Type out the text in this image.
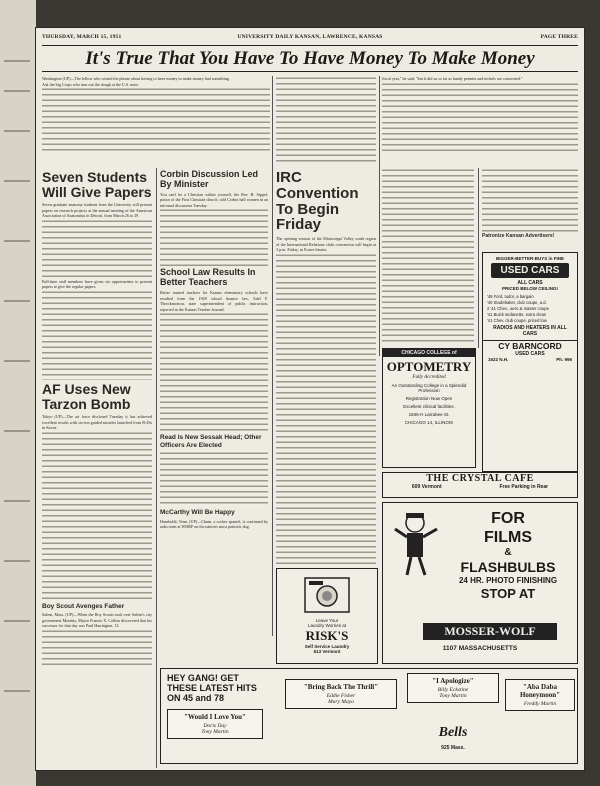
THURSDAY, MARCH 15, 1951	UNIVERSITY DAILY KANSAN, LAWRENCE, KANSAS	PAGE THREE
It's True That You Have To Have Money To Make Money
Washington (UP)—The fellow who coined the phrase about having to have money to make money had something.
Ask the big Crops who turn out the dough at the U.S. mint.
fiscal year," he said, "but it did us so far as handy pennies and nickels are concerned."
Seven Students Will Give Papers
Seven graduate anatomy students from the University will present papers on research projects at the annual meeting of the American Association of Anatomists in Detroit, from March 26 to 29.
Full-time staff members have given six opportunities to present papers to give the regular papers.
AF Uses New Tarzon Bomb
Tokyo (UP)—The air force disclosed Tuesday it has achieved excellent results with six-ton guided missiles launched from B-29s in Korea.
Boy Scout Avenges Father
Salem, Mass. (UP)—When the Boy Scouts took over Salem's city government Monday, Mayor Francis X. Collins discovered that his successor for that day was Paul Harrington, 13.
Corbin Discussion Led By Minister
You can't be a Christian within yourself, the Rev. H. Sippel, pastor of the First Christian church, told Corbin hall women in an informal discussion Tuesday.
School Law Results In Better Teachers
Better trained teachers for Kansas elementary schools have resulted from the 1949 school finance law, Adel F. Throckmorton, state superintendent of public instruction, reported in the Kansas Teacher Journal.
Read Is New Sessak Head; Other Officers Are Elected
McCarthy Will Be Happy
Humboldt, Tenn. (UP)—Chum, a cocker spaniel, is continued by radio men at WHRF on the nation's most patriotic dog.
IRC Convention To Begin Friday
The opening session of the Mississippi Valley south region of the International Relations clubs convention will begin at 3 p.m. Friday, in Fraser theater.
Patronize Kansan Advertisers!
CHICAGO COLLEGE of
OPTOMETRY
Fully Accredited
An Outstanding College in a Splendid Profession
Registration Now Open
Excellent clinical facilities.
1845-H Larrabee St.
CHICAGO 14, ILLINOIS
BIGGER-BETTER-BUYS in FINE
USED CARS
ALL CARS
PRICED BELOW CEILING!
'49 Ford, tudor, a bargain
'40 Studebaker, club coupe, a.d.
2 '41 Chev., aero & master coupe
'41 Buick sedanette, extra clean
'41 Chev. club coupe, priced low
RADIOS AND HEATERS IN ALL CARS
CY BARNCORD
USED CARS
1622 N.H.	Ph. 996
THE CRYSTAL CAFE
609 Vermont	Free Parking in Rear
Leave Your
Laundry Worries at
RISK'S
Self Service Laundry
613 Vermont
FOR
FILMS
&
FLASHBULBS
24 HR. PHOTO FINISHING
STOP AT
MOSSER-WOLF
1107 MASSACHUSETTS
HEY GANG! GET THESE LATEST HITS ON 45 and 78
"Would I Love You"
Doris Day
Tony Martin
"Bring Back The Thrill"
Eddie Fisher
Mary Mayo
"I Apologize"
Billy Eckstine
Tony Martin
"Aba Daba Honeymoon"
Freddy Martin
Bells
925 Mass.
